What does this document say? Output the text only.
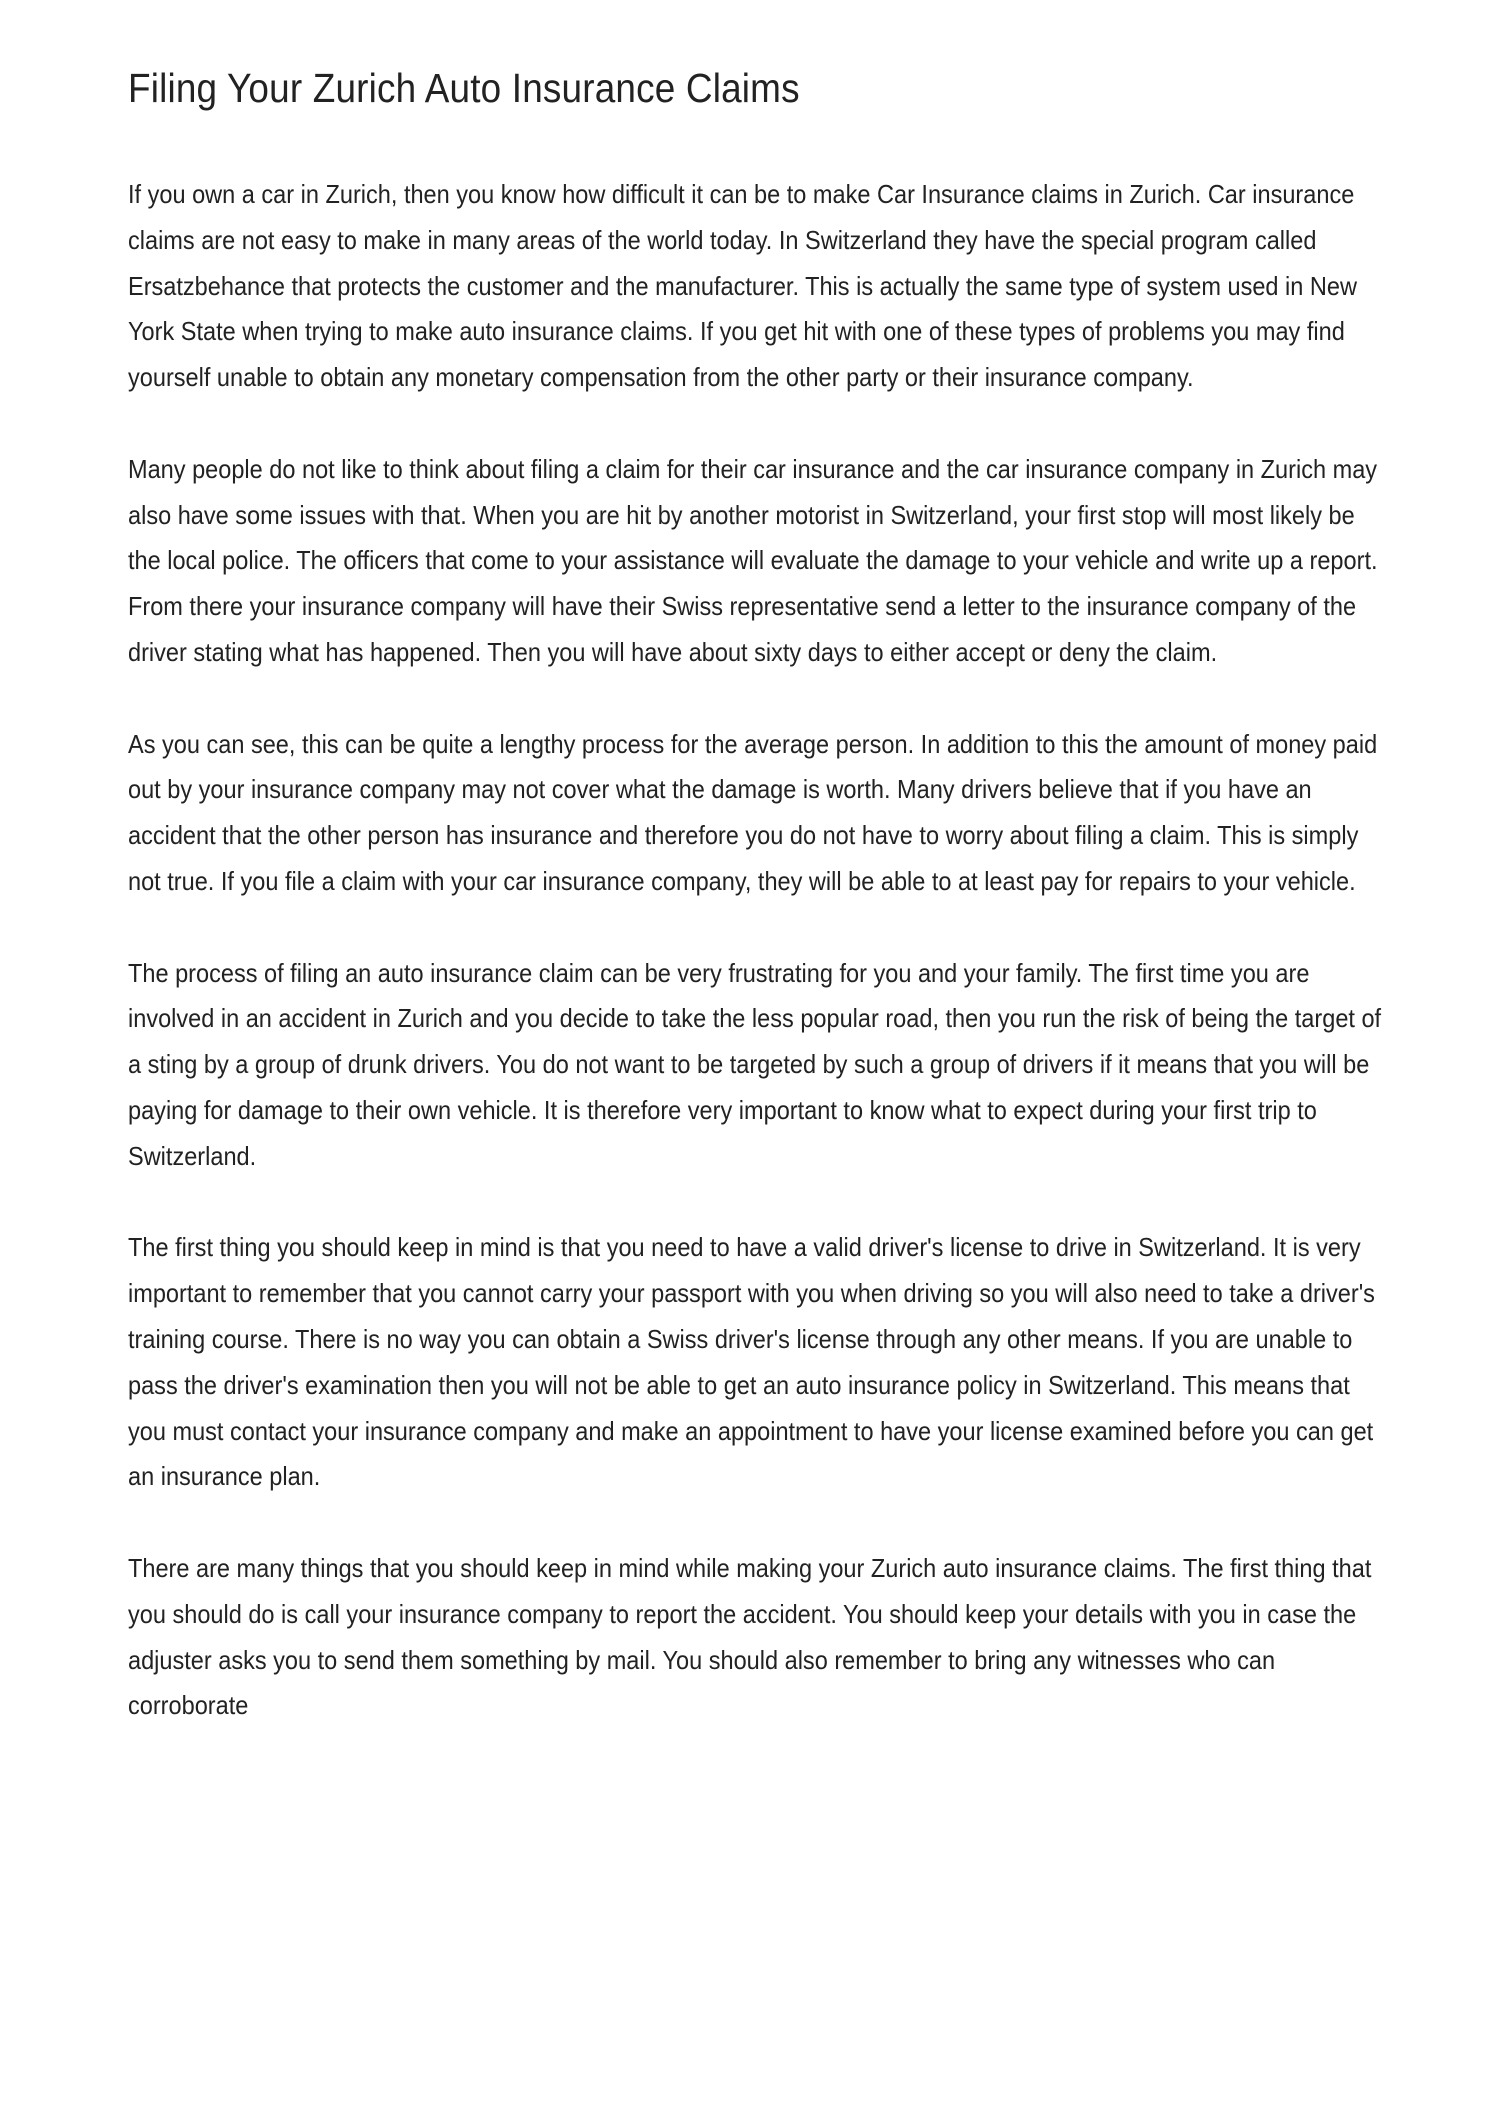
Filing Your Zurich Auto Insurance Claims

If you own a car in Zurich, then you know how difficult it can be to make Car Insurance claims in Zurich. Car insurance claims are not easy to make in many areas of the world today. In Switzerland they have the special program called Ersatzbehance that protects the customer and the manufacturer. This is actually the same type of system used in New York State when trying to make auto insurance claims. If you get hit with one of these types of problems you may find yourself unable to obtain any monetary compensation from the other party or their insurance company.

Many people do not like to think about filing a claim for their car insurance and the car insurance company in Zurich may also have some issues with that. When you are hit by another motorist in Switzerland, your first stop will most likely be the local police. The officers that come to your assistance will evaluate the damage to your vehicle and write up a report. From there your insurance company will have their Swiss representative send a letter to the insurance company of the driver stating what has happened. Then you will have about sixty days to either accept or deny the claim.

As you can see, this can be quite a lengthy process for the average person. In addition to this the amount of money paid out by your insurance company may not cover what the damage is worth. Many drivers believe that if you have an accident that the other person has insurance and therefore you do not have to worry about filing a claim. This is simply not true. If you file a claim with your car insurance company, they will be able to at least pay for repairs to your vehicle.

The process of filing an auto insurance claim can be very frustrating for you and your family. The first time you are involved in an accident in Zurich and you decide to take the less popular road, then you run the risk of being the target of a sting by a group of drunk drivers. You do not want to be targeted by such a group of drivers if it means that you will be paying for damage to their own vehicle. It is therefore very important to know what to expect during your first trip to Switzerland.

The first thing you should keep in mind is that you need to have a valid driver's license to drive in Switzerland. It is very important to remember that you cannot carry your passport with you when driving so you will also need to take a driver's training course. There is no way you can obtain a Swiss driver's license through any other means. If you are unable to pass the driver's examination then you will not be able to get an auto insurance policy in Switzerland. This means that you must contact your insurance company and make an appointment to have your license examined before you can get an insurance plan.

There are many things that you should keep in mind while making your Zurich auto insurance claims. The first thing that you should do is call your insurance company to report the accident. You should keep your details with you in case the adjuster asks you to send them something by mail. You should also remember to bring any witnesses who can corroborate
